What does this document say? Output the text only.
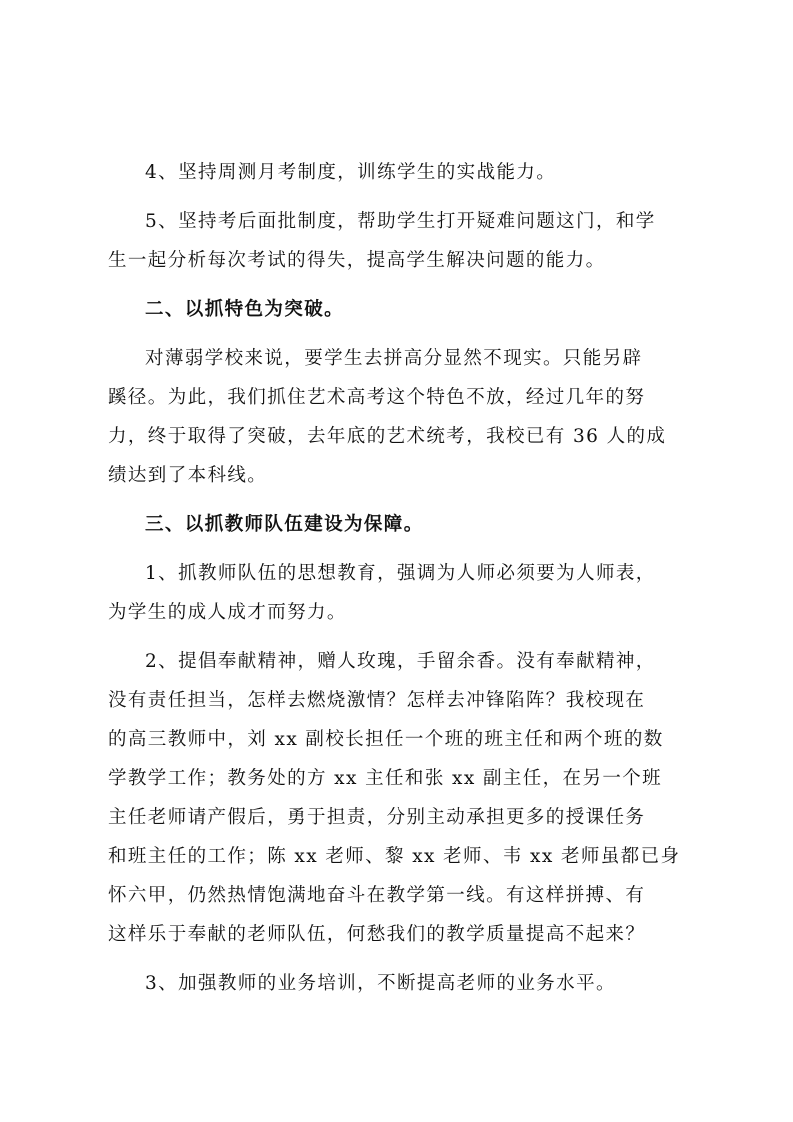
4、坚持周测月考制度，训练学生的实战能力。
5、坚持考后面批制度，帮助学生打开疑难问题这门，和学
生一起分析每次考试的得失，提高学生解决问题的能力。
二、以抓特色为突破。
对薄弱学校来说，要学生去拼高分显然不现实。只能另辟
蹊径。为此，我们抓住艺术高考这个特色不放，经过几年的努
力，终于取得了突破，去年底的艺术统考，我校已有 36 人的成
绩达到了本科线。
三、以抓教师队伍建设为保障。
1、抓教师队伍的思想教育，强调为人师必须要为人师表，
为学生的成人成才而努力。
2、提倡奉献精神，赠人玫瑰，手留余香。没有奉献精神，
没有责任担当，怎样去燃烧激情？怎样去冲锋陷阵？我校现在
的高三教师中，刘 xx 副校长担任一个班的班主任和两个班的数
学教学工作；教务处的方 xx 主任和张 xx 副主任，在另一个班
主任老师请产假后，勇于担责，分别主动承担更多的授课任务
和班主任的工作；陈 xx 老师、黎 xx 老师、韦 xx 老师虽都已身
怀六甲，仍然热情饱满地奋斗在教学第一线。有这样拼搏、有
这样乐于奉献的老师队伍，何愁我们的教学质量提高不起来？
3、加强教师的业务培训，不断提高老师的业务水平。
